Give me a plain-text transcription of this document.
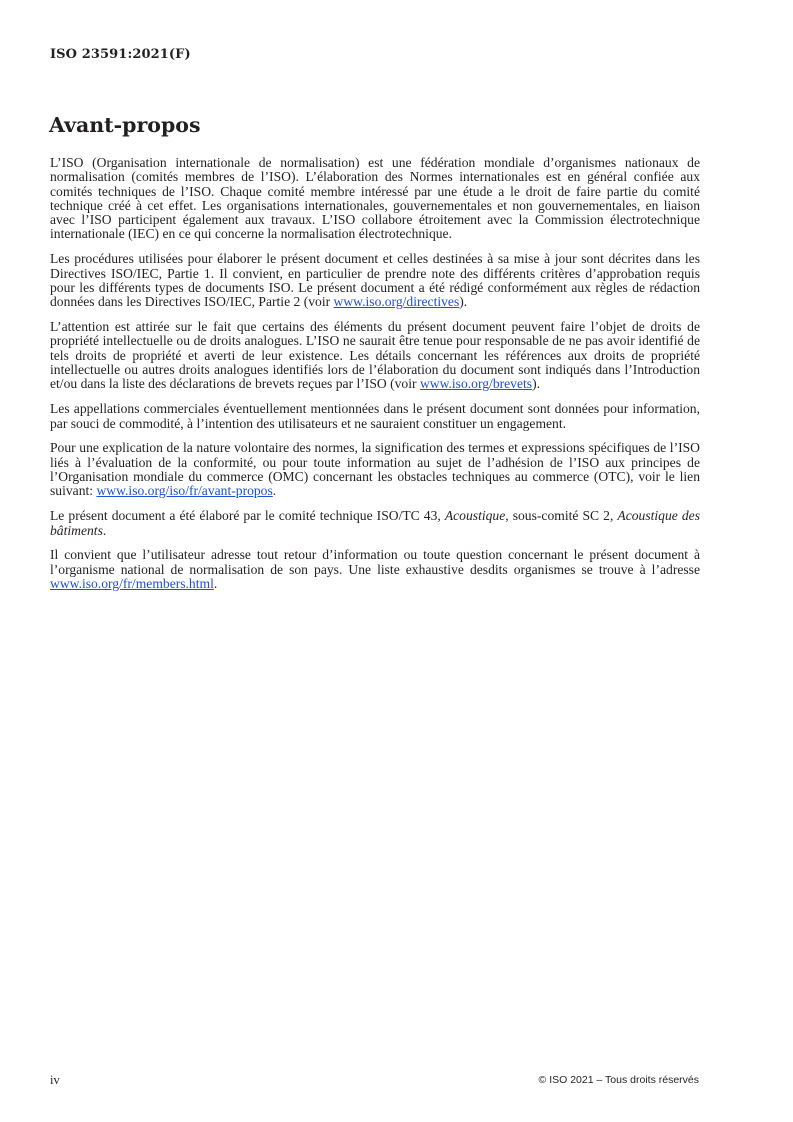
ISO 23591:2021(F)
Avant-propos

L’ISO (Organisation internationale de normalisation) est une fédération mondiale d’organismes nationaux de normalisation (comités membres de l’ISO). L’élaboration des Normes internationales est en général confiée aux comités techniques de l’ISO. Chaque comité membre intéressé par une étude a le droit de faire partie du comité technique créé à cet effet. Les organisations internationales, gouvernementales et non gouvernementales, en liaison avec l’ISO participent également aux travaux. L’ISO collabore étroitement avec la Commission électrotechnique internationale (IEC) en ce qui concerne la normalisation électrotechnique.

Les procédures utilisées pour élaborer le présent document et celles destinées à sa mise à jour sont décrites dans les Directives ISO/IEC, Partie 1. Il convient, en particulier de prendre note des différents critères d’approbation requis pour les différents types de documents ISO. Le présent document a été rédigé conformément aux règles de rédaction données dans les Directives ISO/IEC, Partie 2 (voir www.iso.org/directives).

L’attention est attirée sur le fait que certains des éléments du présent document peuvent faire l’objet de droits de propriété intellectuelle ou de droits analogues. L’ISO ne saurait être tenue pour responsable de ne pas avoir identifié de tels droits de propriété et averti de leur existence. Les détails concernant les références aux droits de propriété intellectuelle ou autres droits analogues identifiés lors de l’élaboration du document sont indiqués dans l’Introduction et/ou dans la liste des déclarations de brevets reçues par l’ISO (voir www.iso.org/brevets).

Les appellations commerciales éventuellement mentionnées dans le présent document sont données pour information, par souci de commodité, à l’intention des utilisateurs et ne sauraient constituer un engagement.

Pour une explication de la nature volontaire des normes, la signification des termes et expressions spécifiques de l’ISO liés à l’évaluation de la conformité, ou pour toute information au sujet de l’adhésion de l’ISO aux principes de l’Organisation mondiale du commerce (OMC) concernant les obstacles techniques au commerce (OTC), voir le lien suivant: www.iso.org/iso/fr/avant-propos.

Le présent document a été élaboré par le comité technique ISO/TC 43, Acoustique, sous-comité SC 2, Acoustique des bâtiments.

Il convient que l’utilisateur adresse tout retour d’information ou toute question concernant le présent document à l’organisme national de normalisation de son pays. Une liste exhaustive desdits organismes se trouve à l’adresse www.iso.org/fr/members.html.

iv	© ISO 2021 – Tous droits réservés
